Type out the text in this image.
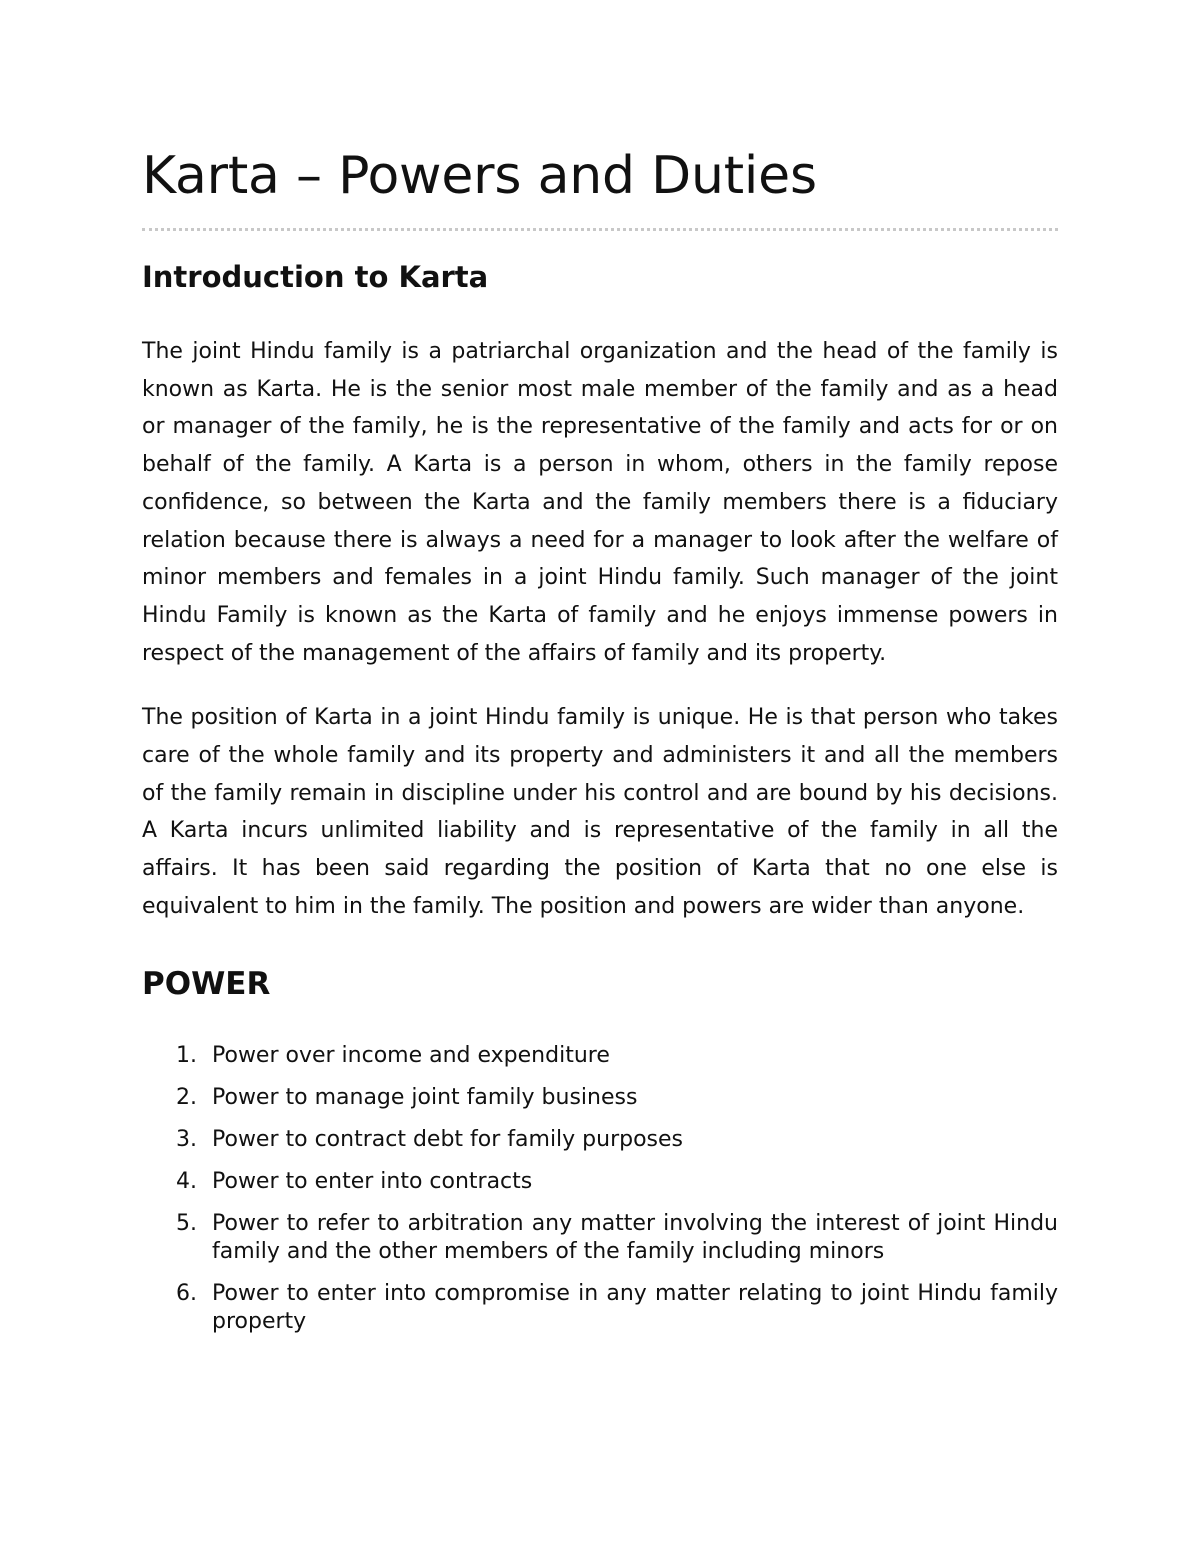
Karta – Powers and Duties
Introduction to Karta

The joint Hindu family is a patriarchal organization and the head of the family is known as Karta. He is the senior most male member of the family and as a head or manager of the family, he is the representative of the family and acts for or on behalf of the family. A Karta is a person in whom, others in the family repose confidence, so between the Karta and the family members there is a fiduciary relation because there is always a need for a manager to look after the welfare of minor members and females in a joint Hindu family. Such manager of the joint Hindu Family is known as the Karta of family and he enjoys immense powers in respect of the management of the affairs of family and its property.

The position of Karta in a joint Hindu family is unique. He is that person who takes care of the whole family and its property and administers it and all the members of the family remain in discipline under his control and are bound by his decisions. A Karta incurs unlimited liability and is representative of the family in all the affairs. It has been said regarding the position of Karta that no one else is equivalent to him in the family. The position and powers are wider than anyone.

POWER
1. Power over income and expenditure
2. Power to manage joint family business
3. Power to contract debt for family purposes
4. Power to enter into contracts
5. Power to refer to arbitration any matter involving the interest of joint Hindu family and the other members of the family including minors
6. Power to enter into compromise in any matter relating to joint Hindu family property
